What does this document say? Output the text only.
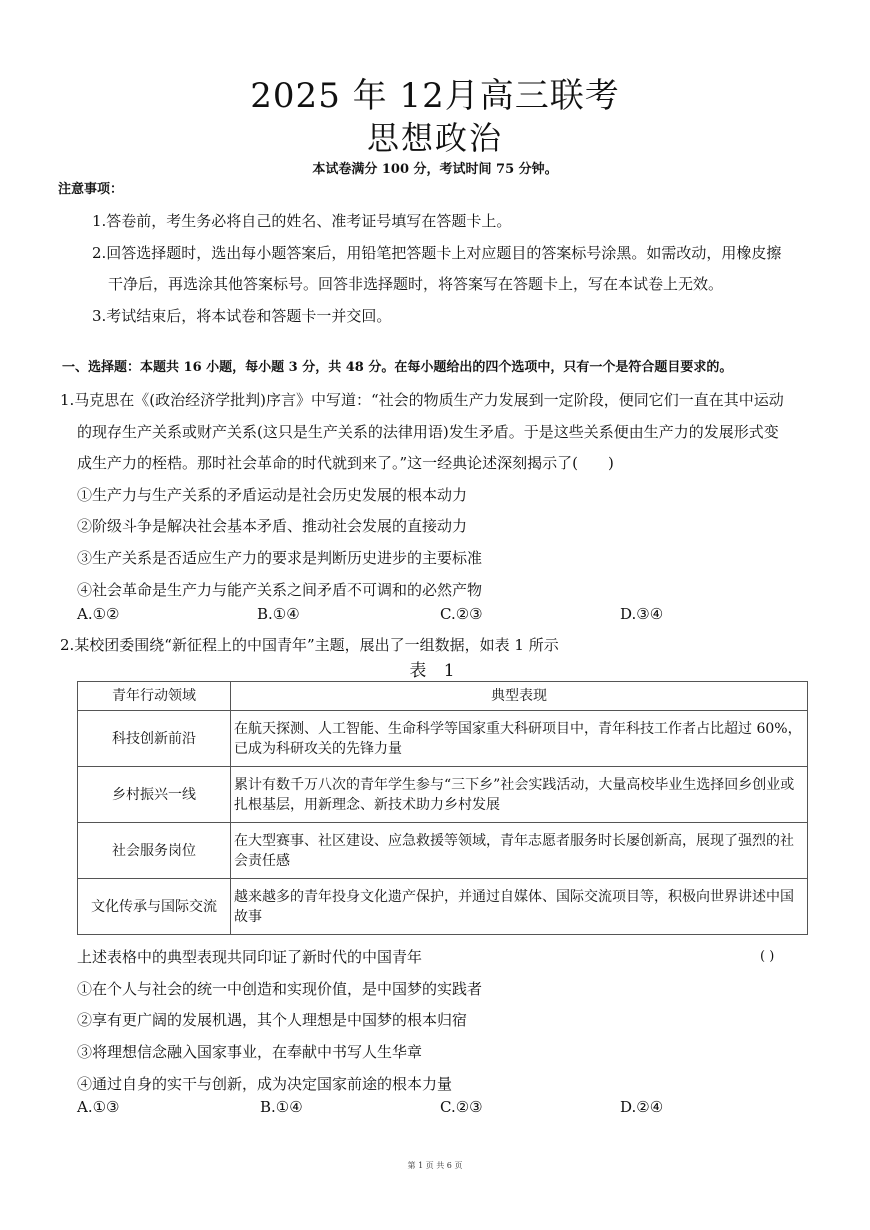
2025 年 12月高三联考
思想政治
本试卷满分 100 分，考试时间 75 分钟。
注意事项：
1.答卷前，考生务必将自己的姓名、准考证号填写在答题卡上。
2.回答选择题时，选出每小题答案后，用铅笔把答题卡上对应题目的答案标号涂黑。如需改动，用橡皮擦
干净后，再选涂其他答案标号。回答非选择题时，将答案写在答题卡上，写在本试卷上无效。
3.考试结束后，将本试卷和答题卡一并交回。
一、选择题：本题共 16 小题，每小题 3 分，共 48 分。在每小题给出的四个选项中，只有一个是符合题目要求的。
1.马克思在《(政治经济学批判)序言》中写道：“社会的物质生产力发展到一定阶段，便同它们一直在其中运动
的现存生产关系或财产关系(这只是生产关系的法律用语)发生矛盾。于是这些关系便由生产力的发展形式变
成生产力的桎梏。那时社会革命的时代就到来了。”这一经典论述深刻揭示了(　　)
①生产力与生产关系的矛盾运动是社会历史发展的根本动力
②阶级斗争是解决社会基本矛盾、推动社会发展的直接动力
③生产关系是否适应生产力的要求是判断历史进步的主要标准
④社会革命是生产力与能产关系之间矛盾不可调和的必然产物
A.①②	B.①④	C.②③	D.③④
2.某校团委围绕“新征程上的中国青年”主题，展出了一组数据，如表 1 所示
表 1
青年行动领域	典型表现
科技创新前沿	在航天探测、人工智能、生命科学等国家重大科研项目中，青年科技工作者占比超过 60%，已成为科研攻关的先锋力量
乡村振兴一线	累计有数千万八次的青年学生参与“三下乡”社会实践活动，大量高校毕业生选择回乡创业或扎根基层，用新理念、新技术助力乡村发展
社会服务岗位	在大型赛事、社区建设、应急救援等领域，青年志愿者服务时长屡创新高，展现了强烈的社会责任感
文化传承与国际交流	越来越多的青年投身文化遗产保护，并通过自媒体、国际交流项目等，积极向世界讲述中国故事
上述表格中的典型表现共同印证了新时代的中国青年	( )
①在个人与社会的统一中创造和实现价值，是中国梦的实践者
②享有更广阔的发展机遇，其个人理想是中国梦的根本归宿
③将理想信念融入国家事业，在奉献中书写人生华章
④通过自身的实干与创新，成为决定国家前途的根本力量
A.①③	B.①④	C.②③	D.②④
第 1 页 共 6 页
